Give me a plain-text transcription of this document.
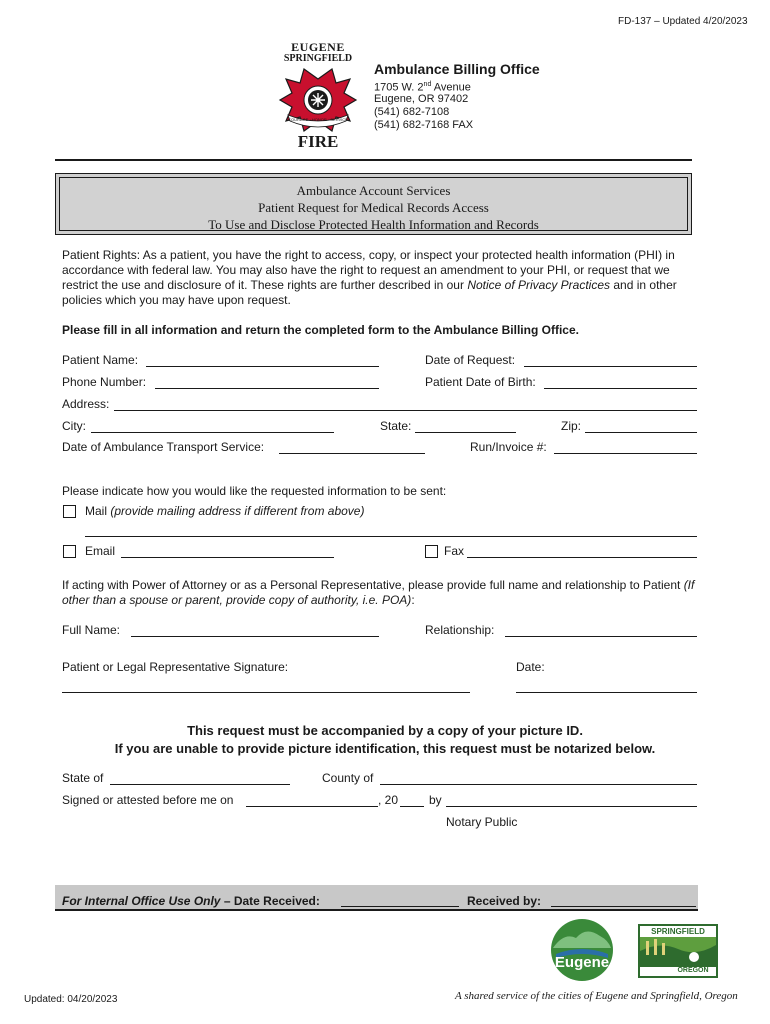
FD-137 – Updated 4/20/2023
EUGENE
SPRINGFIELD
COURAGE · HONOR · SERVICE
FIRE
Ambulance Billing Office
1705 W. 2nd Avenue
Eugene, OR 97402
(541) 682-7108
(541) 682-7168 FAX
Ambulance Account Services
Patient Request for Medical Records Access
To Use and Disclose Protected Health Information and Records
Patient Rights: As a patient, you have the right to access, copy, or inspect your protected health information (PHI) in accordance with federal law. You may also have the right to request an amendment to your PHI, or request that we restrict the use and disclosure of it. These rights are further described in our Notice of Privacy Practices and in other policies which you may have upon request.
Please fill in all information and return the completed form to the Ambulance Billing Office.
Patient Name:	Date of Request:
Phone Number:	Patient Date of Birth:
Address:
City:	State:	Zip:
Date of Ambulance Transport Service:	Run/Invoice #:
Please indicate how you would like the requested information to be sent:
Mail (provide mailing address if different from above)
Email	Fax
If acting with Power of Attorney or as a Personal Representative, please provide full name and relationship to Patient (If other than a spouse or parent, provide copy of authority, i.e. POA):
Full Name:	Relationship:
Patient or Legal Representative Signature:	Date:
This request must be accompanied by a copy of your picture ID.
If you are unable to provide picture identification, this request must be notarized below.
State of	County of
Signed or attested before me on	, 20	by
Notary Public
For Internal Office Use Only – Date Received:	Received by:
Eugene
SPRINGFIELD
OREGON
Updated: 04/20/2023	A shared service of the cities of Eugene and Springfield, Oregon
